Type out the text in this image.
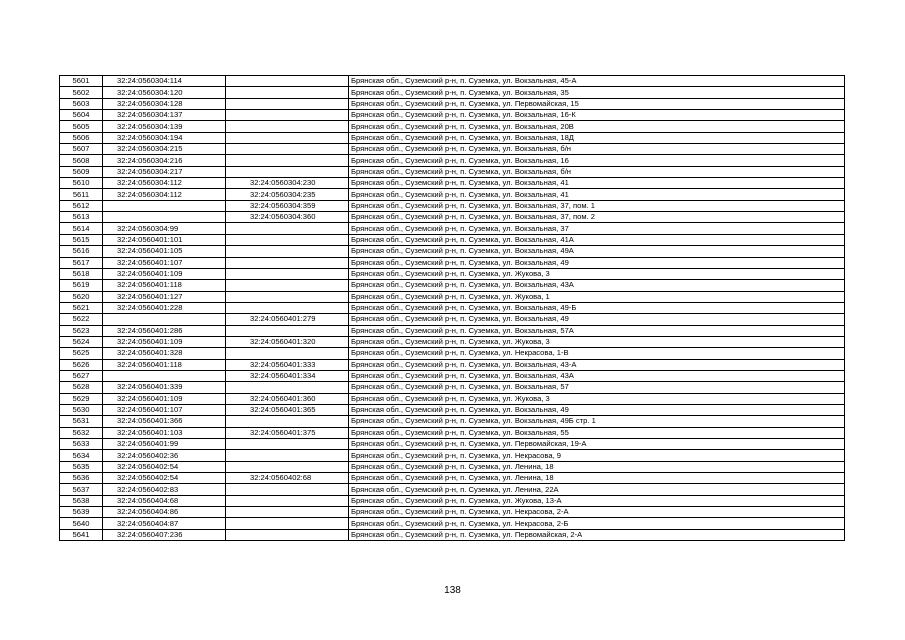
5601	32:24:0560304:114		Брянская обл., Суземский р-н, п. Суземка, ул. Вокзальная, 45-А
5602	32:24:0560304:120		Брянская обл., Суземский р-н, п. Суземка, ул. Вокзальная, 35
5603	32:24:0560304:128		Брянская обл., Суземский р-н, п. Суземка, ул. Первомайская, 15
5604	32:24:0560304:137		Брянская обл., Суземский р-н, п. Суземка, ул. Вокзальная, 16-К
5605	32:24:0560304:139		Брянская обл., Суземский р-н, п. Суземка, ул. Вокзальная, 20В
5606	32:24:0560304:194		Брянская обл., Суземский р-н, п. Суземка, ул. Вокзальная, 18Д
5607	32:24:0560304:215		Брянская обл., Суземский р-н, п. Суземка, ул. Вокзальная, б/н
5608	32:24:0560304:216		Брянская обл., Суземский р-н, п. Суземка, ул. Вокзальная, 16
5609	32:24:0560304:217		Брянская обл., Суземский р-н, п. Суземка, ул. Вокзальная, б/н
5610	32:24:0560304:112	32:24:0560304:230	Брянская обл., Суземский р-н, п. Суземка, ул. Вокзальная, 41
5611	32:24:0560304:112	32:24:0560304:235	Брянская обл., Суземский р-н, п. Суземка, ул. Вокзальная, 41
5612		32:24:0560304:359	Брянская обл., Суземский р-н, п. Суземка, ул. Вокзальная, 37, пом. 1
5613		32:24:0560304:360	Брянская обл., Суземский р-н, п. Суземка, ул. Вокзальная, 37, пом. 2
5614	32:24:0560304:99		Брянская обл., Суземский р-н, п. Суземка, ул. Вокзальная, 37
5615	32:24:0560401:101		Брянская обл., Суземский р-н, п. Суземка, ул. Вокзальная, 41А
5616	32:24:0560401:105		Брянская обл., Суземский р-н, п. Суземка, ул. Вокзальная, 49А
5617	32:24:0560401:107		Брянская обл., Суземский р-н, п. Суземка, ул. Вокзальная, 49
5618	32:24:0560401:109		Брянская обл., Суземский р-н, п. Суземка, ул. Жукова, 3
5619	32:24:0560401:118		Брянская обл., Суземский р-н, п. Суземка, ул. Вокзальная, 43А
5620	32:24:0560401:127		Брянская обл., Суземский р-н, п. Суземка, ул. Жукова, 1
5621	32:24:0560401:228		Брянская обл., Суземский р-н, п. Суземка, ул. Вокзальная, 49-Б
5622		32:24:0560401:279	Брянская обл., Суземский р-н, п. Суземка, ул. Вокзальная, 49
5623	32:24:0560401:286		Брянская обл., Суземский р-н, п. Суземка, ул. Вокзальная, 57А
5624	32:24:0560401:109	32:24:0560401:320	Брянская обл., Суземский р-н, п. Суземка, ул. Жукова, 3
5625	32:24:0560401:328		Брянская обл., Суземский р-н, п. Суземка, ул. Некрасова, 1-В
5626	32:24:0560401:118	32:24:0560401:333	Брянская обл., Суземский р-н, п. Суземка, ул. Вокзальная, 43-А
5627		32:24:0560401:334	Брянская обл., Суземский р-н, п. Суземка, ул. Вокзальная, 43А
5628	32:24:0560401:339		Брянская обл., Суземский р-н, п. Суземка, ул. Вокзальная, 57
5629	32:24:0560401:109	32:24:0560401:360	Брянская обл., Суземский р-н, п. Суземка, ул. Жукова, 3
5630	32:24:0560401:107	32:24:0560401:365	Брянская обл., Суземский р-н, п. Суземка, ул. Вокзальная, 49
5631	32:24:0560401:366		Брянская обл., Суземский р-н, п. Суземка, ул. Вокзальная, 49Б стр. 1
5632	32:24:0560401:103	32:24:0560401:375	Брянская обл., Суземский р-н, п. Суземка, ул. Вокзальная, 55
5633	32:24:0560401:99		Брянская обл., Суземский р-н, п. Суземка, ул. Первомайская, 19-А
5634	32:24:0560402:36		Брянская обл., Суземский р-н, п. Суземка, ул. Некрасова, 9
5635	32:24:0560402:54		Брянская обл., Суземский р-н, п. Суземка, ул. Ленина, 18
5636	32:24:0560402:54	32:24:0560402:68	Брянская обл., Суземский р-н, п. Суземка, ул. Ленина, 18
5637	32:24:0560402:83		Брянская обл., Суземский р-н, п. Суземка, ул. Ленина, 22А
5638	32:24:0560404:68		Брянская обл., Суземский р-н, п. Суземка, ул. Жукова, 13-А
5639	32:24:0560404:86		Брянская обл., Суземский р-н, п. Суземка, ул. Некрасова, 2-А
5640	32:24:0560404:87		Брянская обл., Суземский р-н, п. Суземка, ул. Некрасова, 2-Б
5641	32:24:0560407:236		Брянская обл., Суземский р-н, п. Суземка, ул. Первомайская, 2-А
138
